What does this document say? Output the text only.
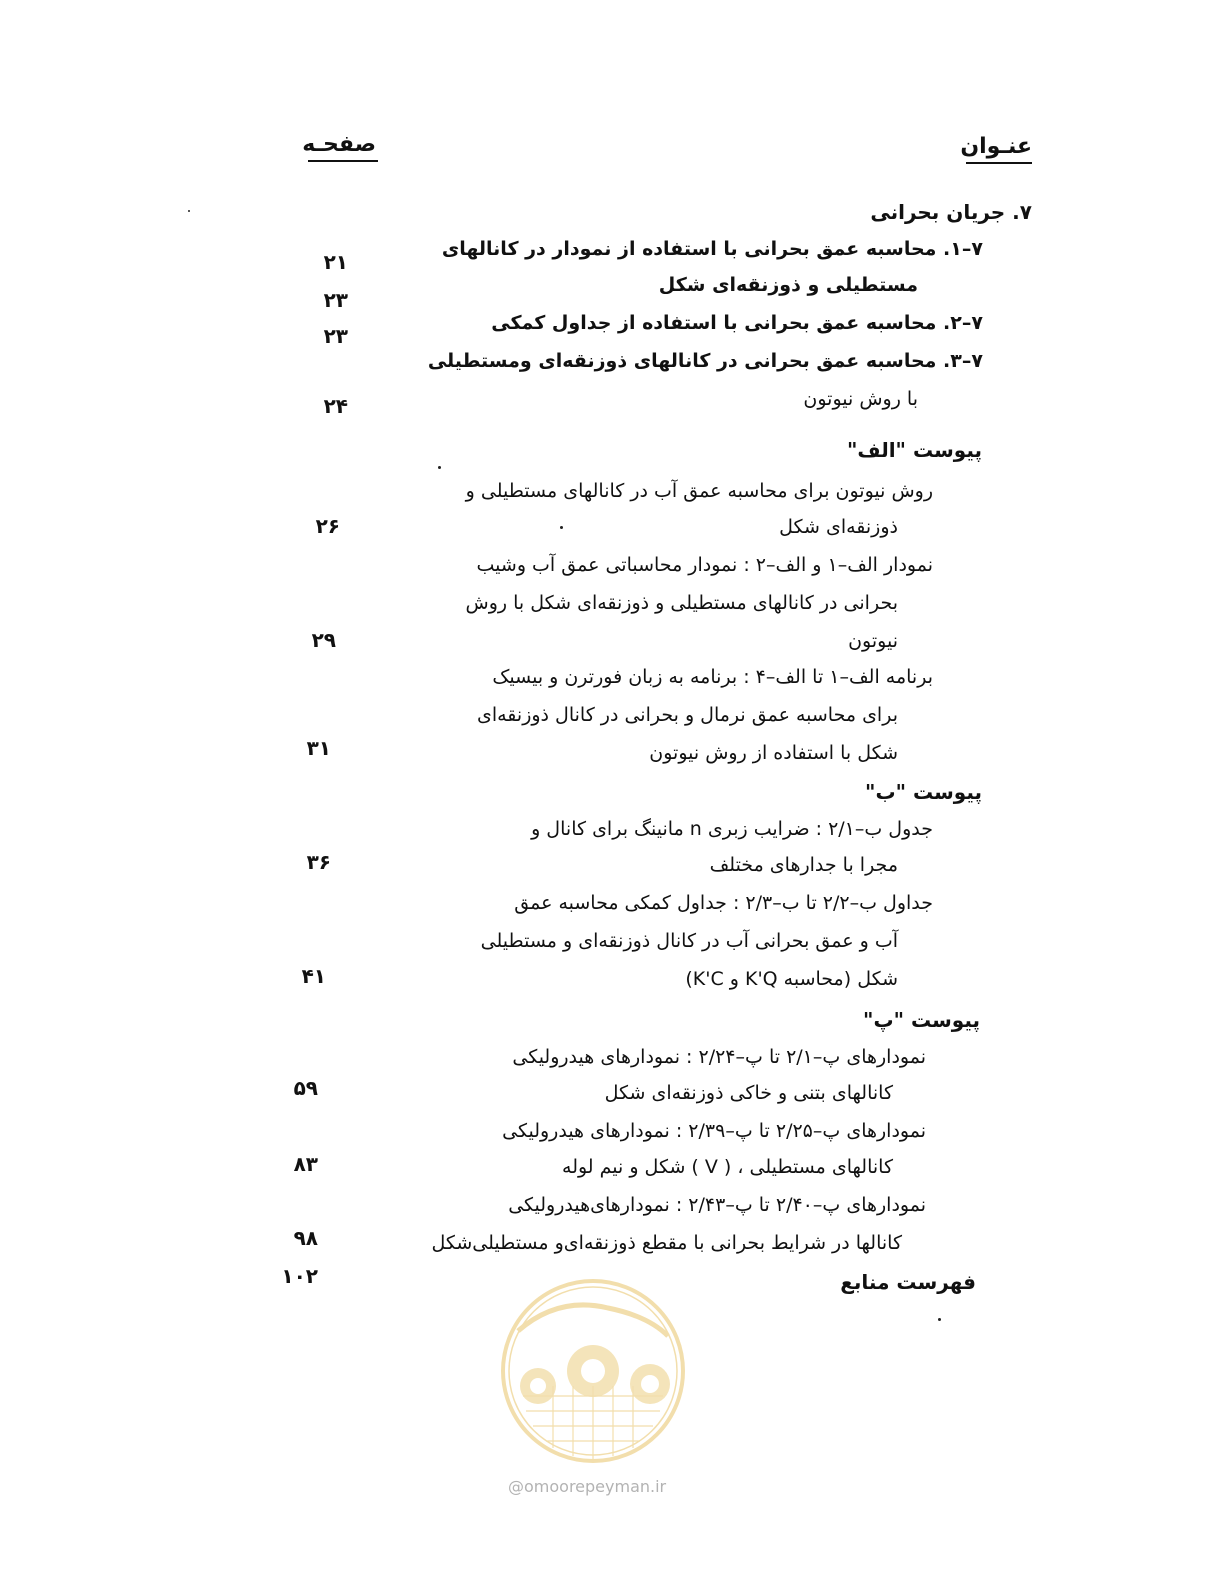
عنـوان
صفحـه
۷. جریان بحرانی
۷–۱. محاسبه عمق بحرانی با استفاده از نمودار در کانالهای
مستطیلی و ذوزنقه‌ای شکل
۷–۲. محاسبه عمق بحرانی با استفاده از جداول کمکی
۷–۳. محاسبه عمق بحرانی در کانالهای ذوزنقه‌ای ومستطیلی
با روش نیوتون
پیوست "الف"
روش نیوتون برای محاسبه عمق آب در کانالهای مستطیلی و
ذوزنقه‌ای شکل
نمودار الف–۱ و الف–۲ : نمودار محاسباتی عمق آب وشیب
بحرانی در کانالهای مستطیلی و ذوزنقه‌ای شکل با روش
نیوتون
برنامه الف–۱ تا الف–۴ : برنامه به زبان فورترن و بیسیک
برای محاسبه عمق نرمال و بحرانی در کانال ذوزنقه‌ای
شکل با استفاده از روش نیوتون
پیوست "ب"
جدول ب–۲/۱ : ضرایب زبری n مانینگ برای کانال و
مجرا با جدارهای مختلف
جداول ب–۲/۲ تا ب–۲/۳ : جداول کمکی محاسبه عمق
آب و عمق بحرانی آب در کانال ذوزنقه‌ای و مستطیلی
شکل (محاسبه K'Q و K'C)
پیوست "پ"
نمودارهای پ–۲/۱ تا پ–۲/۲۴ : نمودارهای هیدرولیکی
کانالهای بتنی و خاکی ذوزنقه‌ای شکل
نمودارهای پ–۲/۲۵ تا پ–۲/۳۹ : نمودارهای هیدرولیکی
کانالهای مستطیلی ، ( V ) شکل و نیم لوله
نمودارهای پ–۲/۴۰ تا پ–۲/۴۳ : نمودارهای‌هیدرولیکی
کانالها در شرایط بحرانی با مقطع ذوزنقه‌ای‌و مستطیلی‌شکل
فهرست منابع
۲۱
۲۳
۲۳
۲۴
۲۶
۲۹
۳۱
۳۶
۴۱
۵۹
۸۳
۹۸
۱۰۲
@omoorepeyman.ir
